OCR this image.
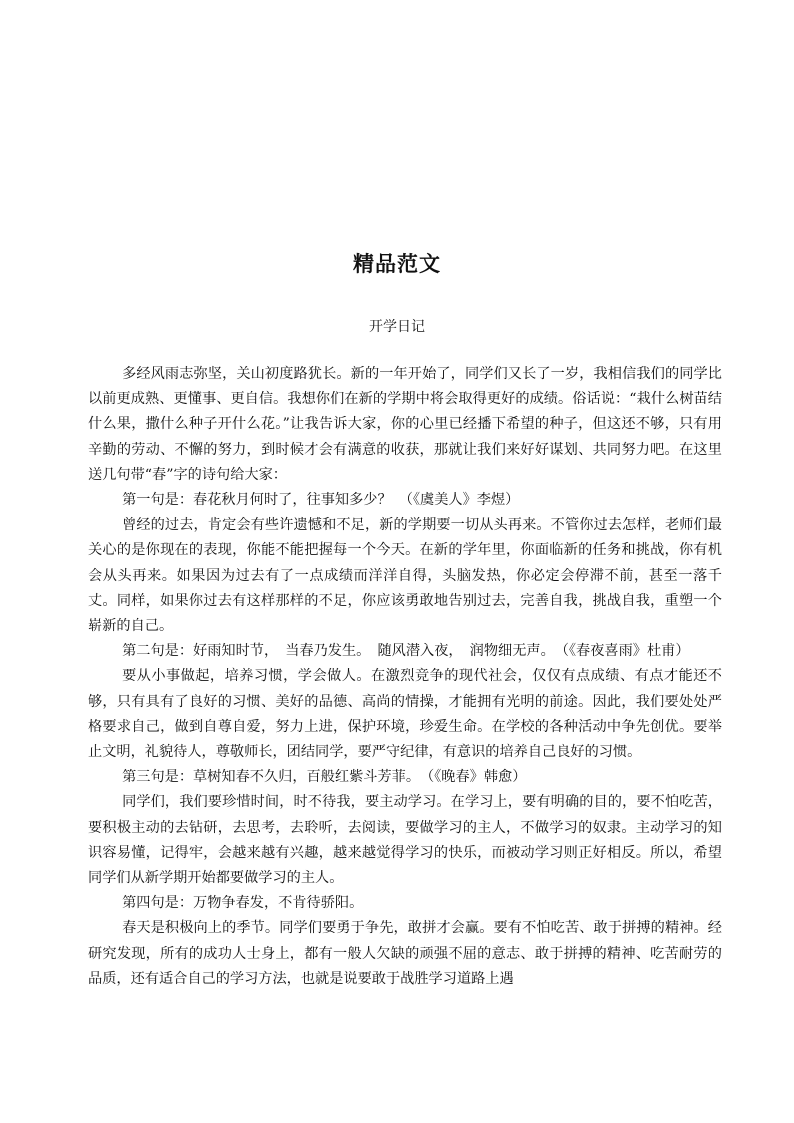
精品范文

开学日记

多经风雨志弥坚，关山初度路犹长。新的一年开始了，同学们又长了一岁，我相信我们的同学比以前更成熟、更懂事、更自信。我想你们在新的学期中将会取得更好的成绩。俗话说：“栽什么树苗结什么果，撒什么种子开什么花。”让我告诉大家，你的心里已经播下希望的种子，但这还不够，只有用辛勤的劳动、不懈的努力，到时候才会有满意的收获，那就让我们来好好谋划、共同努力吧。在这里送几句带“春”字的诗句给大家：

第一句是：春花秋月何时了，往事知多少？　（《虞美人》李煜）

曾经的过去，肯定会有些许遗憾和不足，新的学期要一切从头再来。不管你过去怎样，老师们最关心的是你现在的表现，你能不能把握每一个今天。在新的学年里，你面临新的任务和挑战，你有机会从头再来。如果因为过去有了一点成绩而洋洋自得，头脑发热，你必定会停滞不前，甚至一落千丈。同样，如果你过去有这样那样的不足，你应该勇敢地告别过去，完善自我，挑战自我，重塑一个崭新的自己。

第二句是：好雨知时节，　当春乃发生。　随风潜入夜，　润物细无声。　（《春夜喜雨》杜甫）

要从小事做起，培养习惯，学会做人。在激烈竞争的现代社会，仅仅有点成绩、有点才能还不够，只有具有了良好的习惯、美好的品德、高尚的情操，才能拥有光明的前途。因此，我们要处处严格要求自己，做到自尊自爱，努力上进，保护环境，珍爱生命。在学校的各种活动中争先创优。要举止文明，礼貌待人，尊敬师长，团结同学，要严守纪律，有意识的培养自己良好的习惯。

第三句是：草树知春不久归，百般红紫斗芳菲。　（《晚春》韩愈）

同学们，我们要珍惜时间，时不待我，要主动学习。在学习上，要有明确的目的，要不怕吃苦，要积极主动的去钻研，去思考，去聆听，去阅读，要做学习的主人，不做学习的奴隶。主动学习的知识容易懂，记得牢，会越来越有兴趣，越来越觉得学习的快乐，而被动学习则正好相反。所以，希望同学们从新学期开始都要做学习的主人。

第四句是：万物争春发，不肯待骄阳。

春天是积极向上的季节。同学们要勇于争先，敢拼才会赢。要有不怕吃苦、敢于拼搏的精神。经研究发现，所有的成功人士身上，都有一般人欠缺的顽强不屈的意志、敢于拼搏的精神、吃苦耐劳的品质，还有适合自己的学习方法，也就是说要敢于战胜学习道路上遇
